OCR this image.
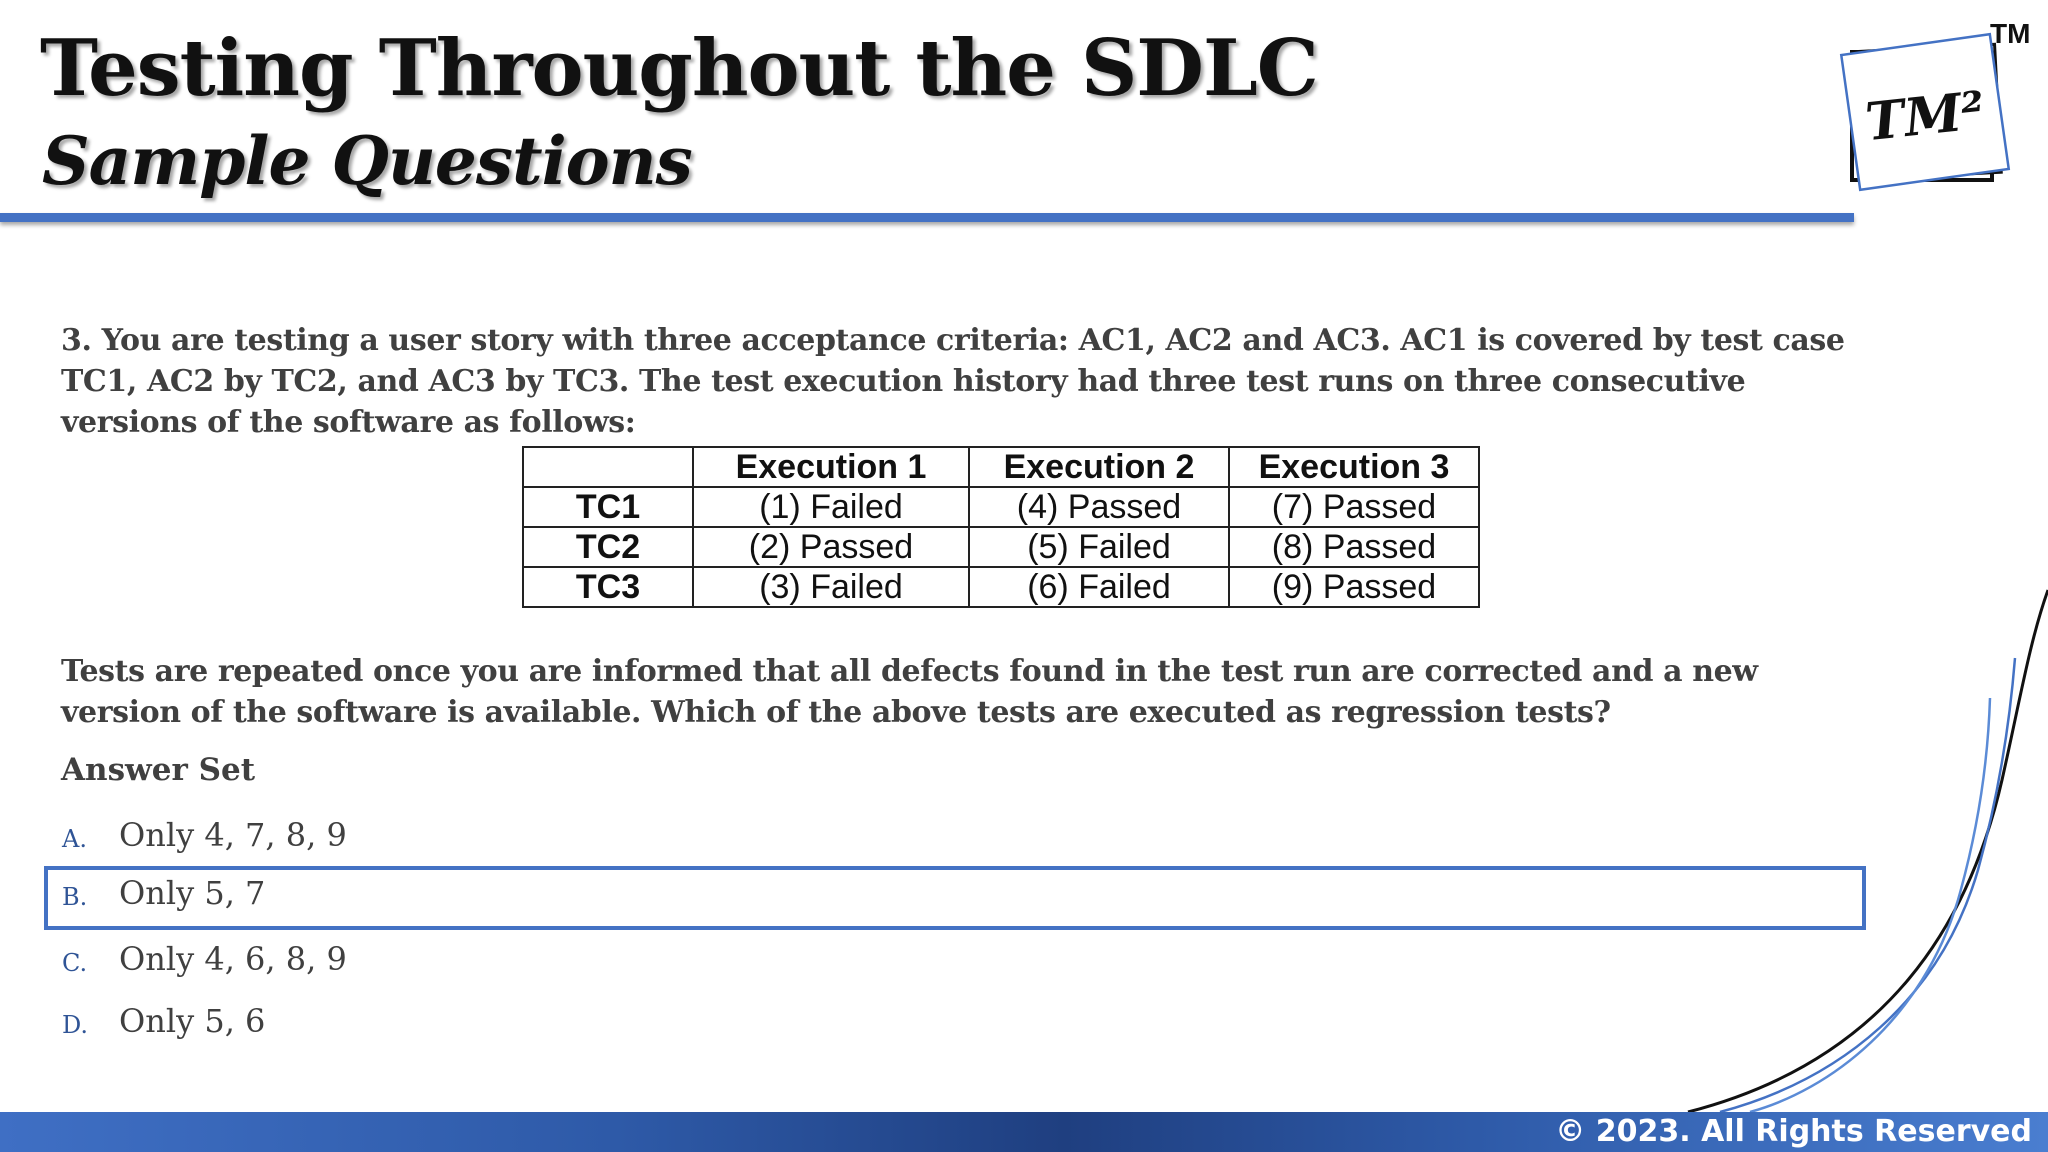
Testing Throughout the SDLC
Sample Questions
TM²
TM

3. You are testing a user story with three acceptance criteria: AC1, AC2 and AC3. AC1 is covered by test case TC1, AC2 by TC2, and AC3 by TC3. The test execution history had three test runs on three consecutive versions of the software as follows:

	Execution 1	Execution 2	Execution 3
TC1	(1) Failed	(4) Passed	(7) Passed
TC2	(2) Passed	(5) Failed	(8) Passed
TC3	(3) Failed	(6) Failed	(9) Passed

Tests are repeated once you are informed that all defects found in the test run are corrected and a new version of the software is available. Which of the above tests are executed as regression tests?

Answer Set
A. Only 4, 7, 8, 9
B. Only 5, 7
C. Only 4, 6, 8, 9
D. Only 5, 6
© 2023. All Rights Reserved
